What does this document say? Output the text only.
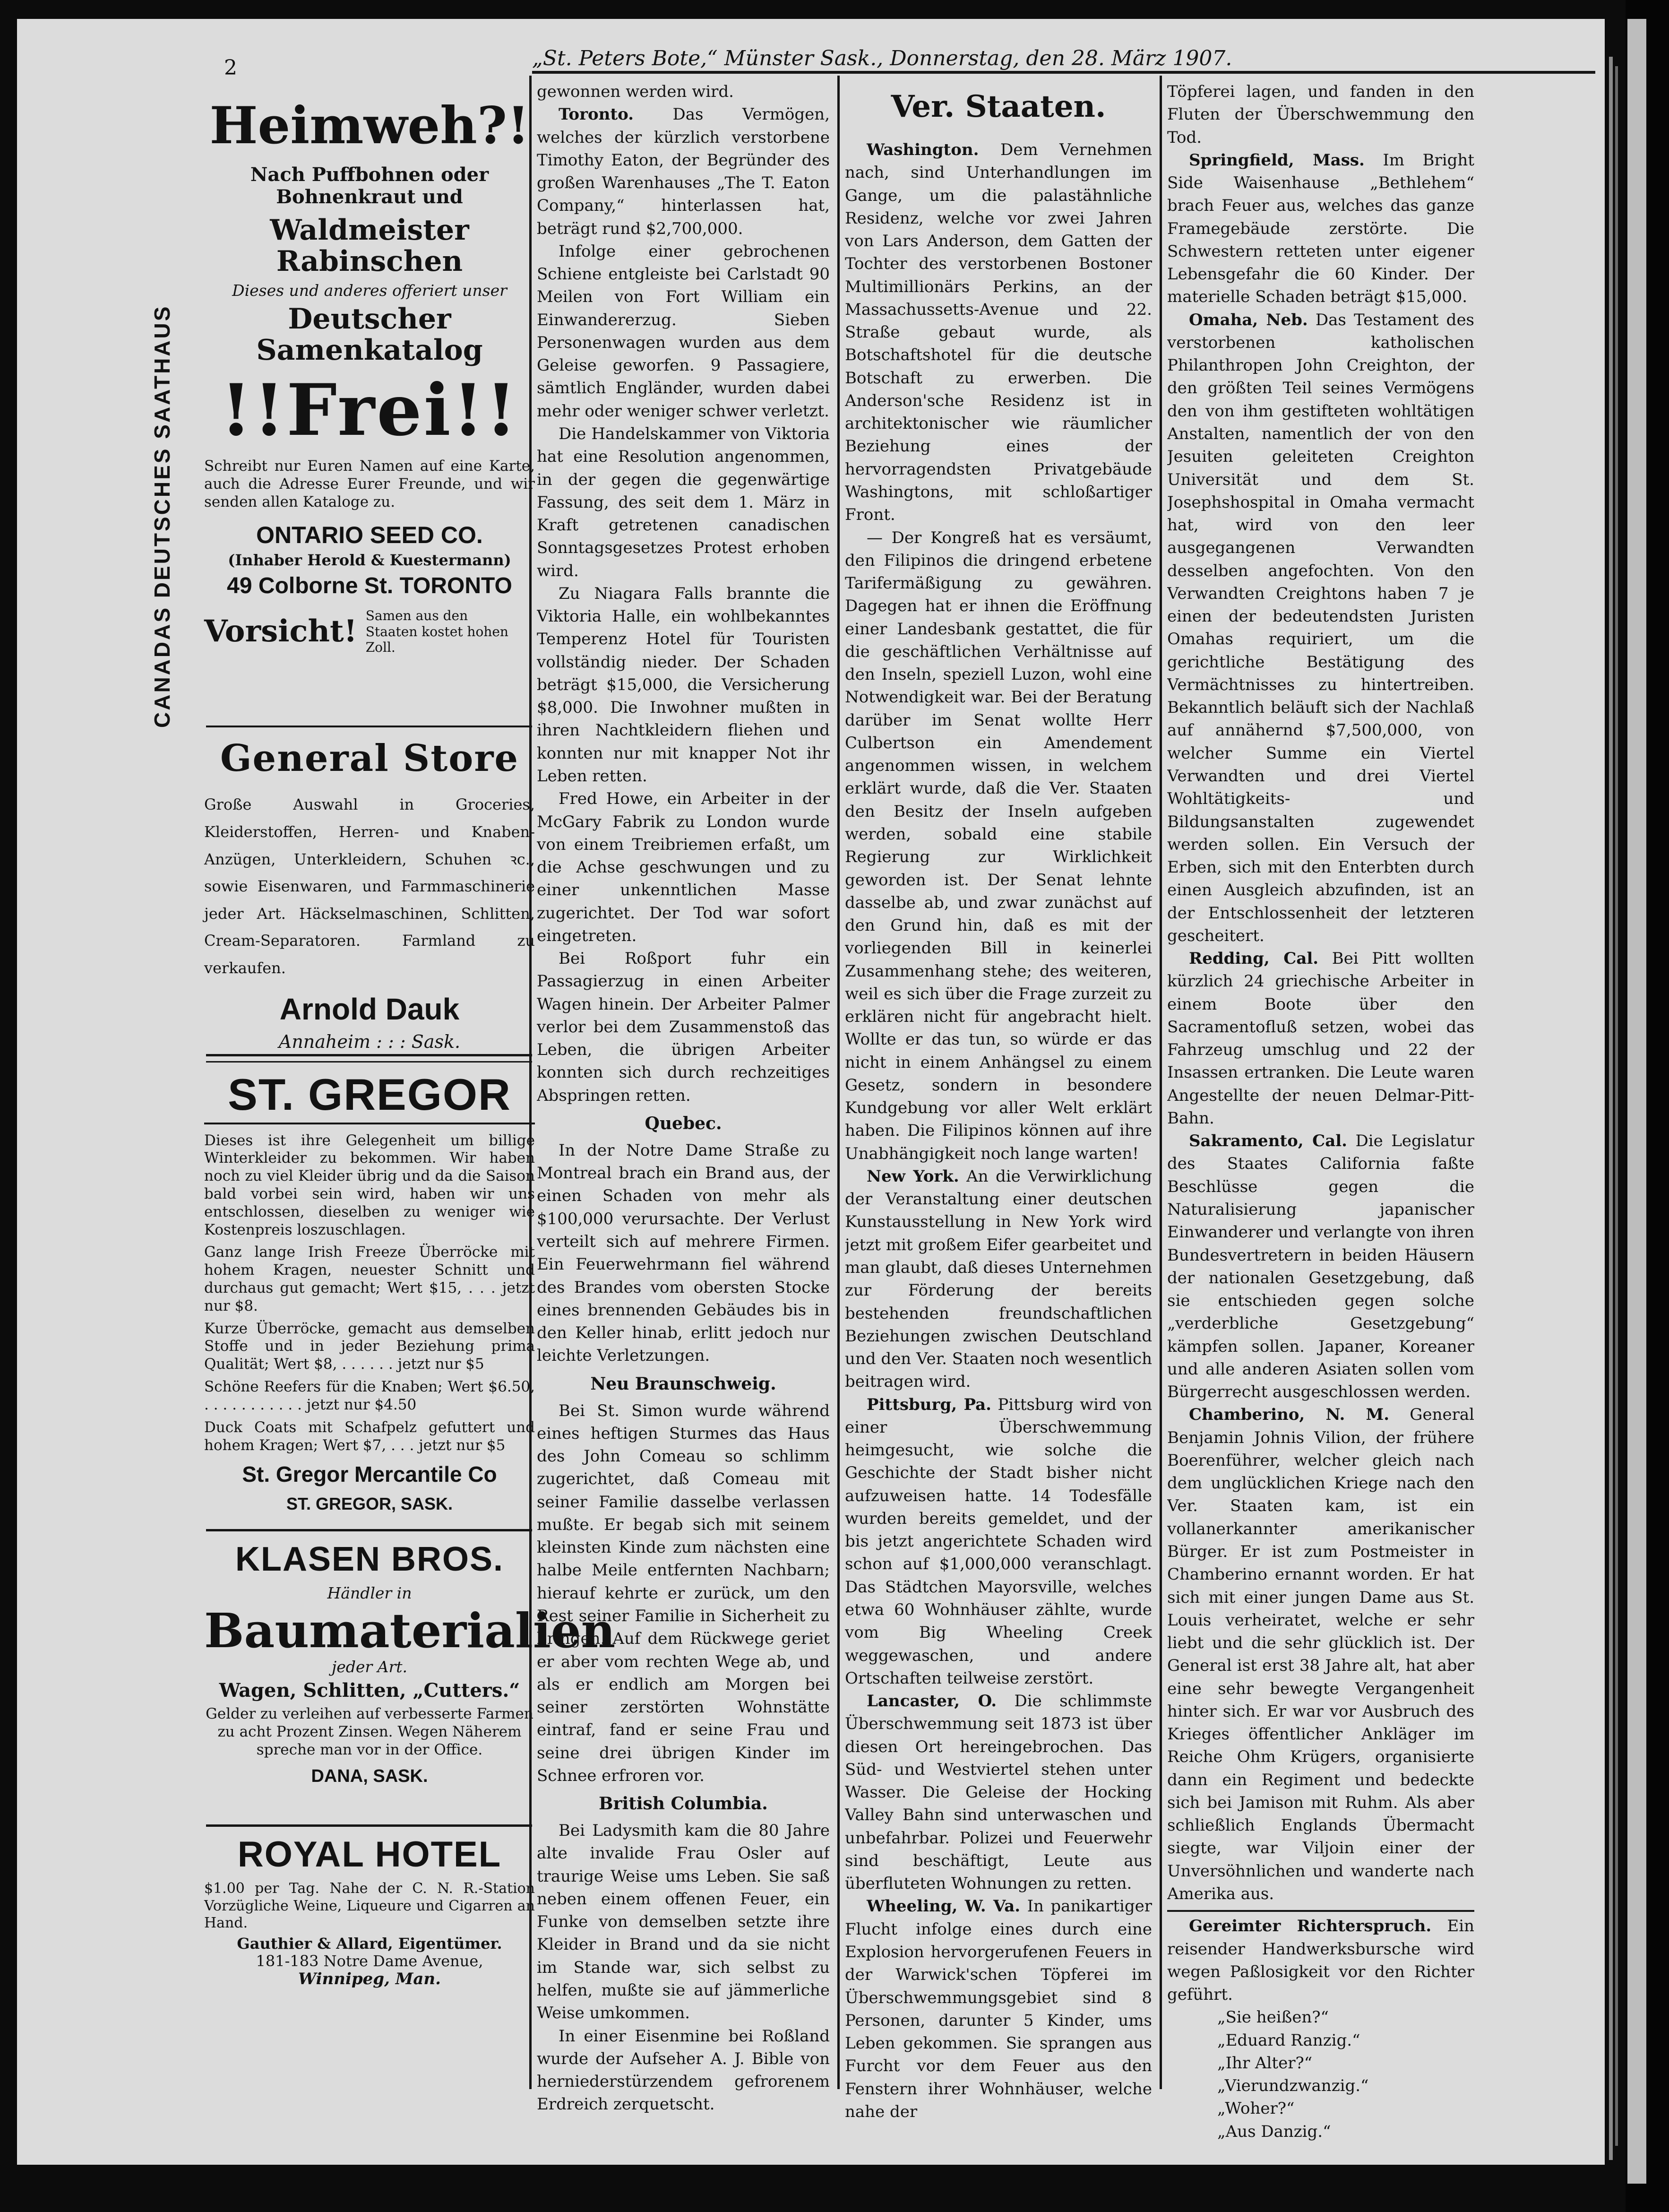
2	„St. Peters Bote,“ Münster Sask., Donnerstag, den 28. März 1907.
CANADAS DEUTSCHES SAATHAUS
Heimweh?!
Nach Puffbohnen oder Bohnenkraut und
Waldmeister Rabinschen
Dieses und anderes offeriert unser
Deutscher Samenkatalog
!!Frei!!
Schreibt nur Euren Namen auf eine Karte, auch die Adresse Eurer Freunde, und wir senden allen Kataloge zu.
ONTARIO SEED CO.
(Inhaber Herold & Kuestermann)
49 Colborne St. TORONTO
Vorsicht! Samen aus den Staaten kostet hohen Zoll.
General Store
Große Auswahl in Groceries, Kleiderstoffen, Herren- und Knaben-Anzügen, Unterkleidern, Schuhen ꝛc., sowie Eisenwaren, und Farmmaschinerie jeder Art. Häckselmaschinen, Schlitten, Cream-Separatoren. Farmland zu verkaufen.
Arnold Dauk
Annaheim : : : Sask.
ST. GREGOR
Dieses ist ihre Gelegenheit um billige Winterkleider zu bekommen. Wir haben noch zu viel Kleider übrig und da die Saison bald vorbei sein wird, haben wir uns entschlossen, dieselben zu weniger wie Kostenpreis loszuschlagen.
Ganz lange Irish Freeze Überröcke mit hohem Kragen, neuester Schnitt und durchaus gut gemacht; Wert $15, . . . jetzt nur $8.
Kurze Überröcke, gemacht aus demselben Stoffe und in jeder Beziehung prima Qualität; Wert $8, . . . . . . jetzt nur $5
Schöne Reefers für die Knaben; Wert $6.50, . . . . . . . . . . . jetzt nur $4.50
Duck Coats mit Schafpelz gefuttert und hohem Kragen; Wert $7, . . . jetzt nur $5
St. Gregor Mercantile Co
ST. GREGOR, SASK.
KLASEN BROS.
Händler in
Baumaterialien
jeder Art.
Wagen, Schlitten, „Cutters.“
Gelder zu verleihen auf verbesserte Farmen zu acht Prozent Zinsen. Wegen Näherem spreche man vor in der Office.
DANA, SASK.
ROYAL HOTEL
$1.00 per Tag. Nahe der C. N. R.-Station Vorzügliche Weine, Liqueure und Cigarren an Hand.
Gauthier & Allard, Eigentümer.
181-183 Notre Dame Avenue,
Winnipeg, Man.

gewonnen werden wird.

Toronto. Das Vermögen, welches der kürzlich verstorbene Timothy Eaton, der Begründer des großen Warenhauses „The T. Eaton Company,“ hinterlassen hat, beträgt rund $2,700,000.

Infolge einer gebrochenen Schiene entgleiste bei Carlstadt 90 Meilen von Fort William ein Einwandererzug. Sieben Personenwagen wurden aus dem Geleise geworfen. 9 Passagiere, sämtlich Engländer, wurden dabei mehr oder weniger schwer verletzt.

Die Handelskammer von Viktoria hat eine Resolution angenommen, in der gegen die gegenwärtige Fassung, des seit dem 1. März in Kraft getretenen canadischen Sonntagsgesetzes Protest erhoben wird.

Zu Niagara Falls brannte die Viktoria Halle, ein wohlbekanntes Temperenz Hotel für Touristen vollständig nieder. Der Schaden beträgt $15,000, die Versicherung $8,000. Die Inwohner mußten in ihren Nachtkleidern fliehen und konnten nur mit knapper Not ihr Leben retten.

Fred Howe, ein Arbeiter in der McGary Fabrik zu London wurde von einem Treibriemen erfaßt, um die Achse geschwungen und zu einer unkenntlichen Masse zugerichtet. Der Tod war sofort eingetreten.

Bei Roßport fuhr ein Passagierzug in einen Arbeiter Wagen hinein. Der Arbeiter Palmer verlor bei dem Zusammenstoß das Leben, die übrigen Arbeiter konnten sich durch rechzeitiges Abspringen retten.

Quebec.

In der Notre Dame Straße zu Montreal brach ein Brand aus, der einen Schaden von mehr als $100,000 verursachte. Der Verlust verteilt sich auf mehrere Firmen. Ein Feuerwehrmann fiel während des Brandes vom obersten Stocke eines brennenden Gebäudes bis in den Keller hinab, erlitt jedoch nur leichte Verletzungen.

Neu Braunschweig.

Bei St. Simon wurde während eines heftigen Sturmes das Haus des John Comeau so schlimm zugerichtet, daß Comeau mit seiner Familie dasselbe verlassen mußte. Er begab sich mit seinem kleinsten Kinde zum nächsten eine halbe Meile entfernten Nachbarn; hierauf kehrte er zurück, um den Rest seiner Familie in Sicherheit zu bringen. Auf dem Rückwege geriet er aber vom rechten Wege ab, und als er endlich am Morgen bei seiner zerstörten Wohnstätte eintraf, fand er seine Frau und seine drei übrigen Kinder im Schnee erfroren vor.

British Columbia.

Bei Ladysmith kam die 80 Jahre alte invalide Frau Osler auf traurige Weise ums Leben. Sie saß neben einem offenen Feuer, ein Funke von demselben setzte ihre Kleider in Brand und da sie nicht im Stande war, sich selbst zu helfen, mußte sie auf jämmerliche Weise umkommen.

In einer Eisenmine bei Roßland wurde der Aufseher A. J. Bible von herniederstürzendem gefrorenem Erdreich zerquetscht.

Ver. Staaten.

Washington. Dem Vernehmen nach, sind Unterhandlungen im Gange, um die palastähnliche Residenz, welche vor zwei Jahren von Lars Anderson, dem Gatten der Tochter des verstorbenen Bostoner Multimillionärs Perkins, an der Massachussetts-Avenue und 22. Straße gebaut wurde, als Botschaftshotel für die deutsche Botschaft zu erwerben. Die Anderson'sche Residenz ist in architektonischer wie räumlicher Beziehung eines der hervorragendsten Privatgebäude Washingtons, mit schloßartiger Front.

— Der Kongreß hat es versäumt, den Filipinos die dringend erbetene Tarifermäßigung zu gewähren. Dagegen hat er ihnen die Eröffnung einer Landesbank gestattet, die für die geschäftlichen Verhältnisse auf den Inseln, speziell Luzon, wohl eine Notwendigkeit war. Bei der Beratung darüber im Senat wollte Herr Culbertson ein Amendement angenommen wissen, in welchem erklärt wurde, daß die Ver. Staaten den Besitz der Inseln aufgeben werden, sobald eine stabile Regierung zur Wirklichkeit geworden ist. Der Senat lehnte dasselbe ab, und zwar zunächst auf den Grund hin, daß es mit der vorliegenden Bill in keinerlei Zusammenhang stehe; des weiteren, weil es sich über die Frage zurzeit zu erklären nicht für angebracht hielt. Wollte er das tun, so würde er das nicht in einem Anhängsel zu einem Gesetz, sondern in besondere Kundgebung vor aller Welt erklärt haben. Die Filipinos können auf ihre Unabhängigkeit noch lange warten!

New York. An die Verwirklichung der Veranstaltung einer deutschen Kunstausstellung in New York wird jetzt mit großem Eifer gearbeitet und man glaubt, daß dieses Unternehmen zur Förderung der bereits bestehenden freundschaftlichen Beziehungen zwischen Deutschland und den Ver. Staaten noch wesentlich beitragen wird.

Pittsburg, Pa. Pittsburg wird von einer Überschwemmung heimgesucht, wie solche die Geschichte der Stadt bisher nicht aufzuweisen hatte. 14 Todesfälle wurden bereits gemeldet, und der bis jetzt angerichtete Schaden wird schon auf $1,000,000 veranschlagt. Das Städtchen Mayorsville, welches etwa 60 Wohnhäuser zählte, wurde vom Big Wheeling Creek weggewaschen, und andere Ortschaften teilweise zerstört.

Lancaster, O. Die schlimmste Überschwemmung seit 1873 ist über diesen Ort hereingebrochen. Das Süd- und Westviertel stehen unter Wasser. Die Geleise der Hocking Valley Bahn sind unterwaschen und unbefahrbar. Polizei und Feuerwehr sind beschäftigt, Leute aus überfluteten Wohnungen zu retten.

Wheeling, W. Va. In panikartiger Flucht infolge eines durch eine Explosion hervorgerufenen Feuers in der Warwick'schen Töpferei im Überschwemmungsgebiet sind 8 Personen, darunter 5 Kinder, ums Leben gekommen. Sie sprangen aus Furcht vor dem Feuer aus den Fenstern ihrer Wohnhäuser, welche nahe der

Töpferei lagen, und fanden in den Fluten der Überschwemmung den Tod.

Springfield, Mass. Im Bright Side Waisenhause „Bethlehem“ brach Feuer aus, welches das ganze Framegebäude zerstörte. Die Schwestern retteten unter eigener Lebensgefahr die 60 Kinder. Der materielle Schaden beträgt $15,000.

Omaha, Neb. Das Testament des verstorbenen katholischen Philanthropen John Creighton, der den größten Teil seines Vermögens den von ihm gestifteten wohltätigen Anstalten, namentlich der von den Jesuiten geleiteten Creighton Universität und dem St. Josephshospital in Omaha vermacht hat, wird von den leer ausgegangenen Verwandten desselben angefochten. Von den Verwandten Creightons haben 7 je einen der bedeutendsten Juristen Omahas requiriert, um die gerichtliche Bestätigung des Vermächtnisses zu hintertreiben. Bekanntlich beläuft sich der Nachlaß auf annähernd $7,500,000, von welcher Summe ein Viertel Verwandten und drei Viertel Wohltätigkeits- und Bildungsanstalten zugewendet werden sollen. Ein Versuch der Erben, sich mit den Enterbten durch einen Ausgleich abzufinden, ist an der Entschlossenheit der letzteren gescheitert.

Redding, Cal. Bei Pitt wollten kürzlich 24 griechische Arbeiter in einem Boote über den Sacramentofluß setzen, wobei das Fahrzeug umschlug und 22 der Insassen ertranken. Die Leute waren Angestellte der neuen Delmar-Pitt-Bahn.

Sakramento, Cal. Die Legislatur des Staates California faßte Beschlüsse gegen die Naturalisierung japanischer Einwanderer und verlangte von ihren Bundesvertretern in beiden Häusern der nationalen Gesetzgebung, daß sie entschieden gegen solche „verderbliche Gesetzgebung“ kämpfen sollen. Japaner, Koreaner und alle anderen Asiaten sollen vom Bürgerrecht ausgeschlossen werden.

Chamberino, N. M. General Benjamin Johnis Vilion, der frühere Boerenführer, welcher gleich nach dem unglücklichen Kriege nach den Ver. Staaten kam, ist ein vollanerkannter amerikanischer Bürger. Er ist zum Postmeister in Chamberino ernannt worden. Er hat sich mit einer jungen Dame aus St. Louis verheiratet, welche er sehr liebt und die sehr glücklich ist. Der General ist erst 38 Jahre alt, hat aber eine sehr bewegte Vergangenheit hinter sich. Er war vor Ausbruch des Krieges öffentlicher Ankläger im Reiche Ohm Krügers, organisierte dann ein Regiment und bedeckte sich bei Jamison mit Ruhm. Als aber schließlich Englands Übermacht siegte, war Viljoin einer der Unversöhnlichen und wanderte nach Amerika aus.

Gereimter Richterspruch. Ein reisender Handwerksbursche wird wegen Paßlosigkeit vor den Richter geführt.

„Sie heißen?“

„Eduard Ranzig.“

„Ihr Alter?“

„Vierundzwanzig.“

„Woher?“

„Aus Danzig.“
